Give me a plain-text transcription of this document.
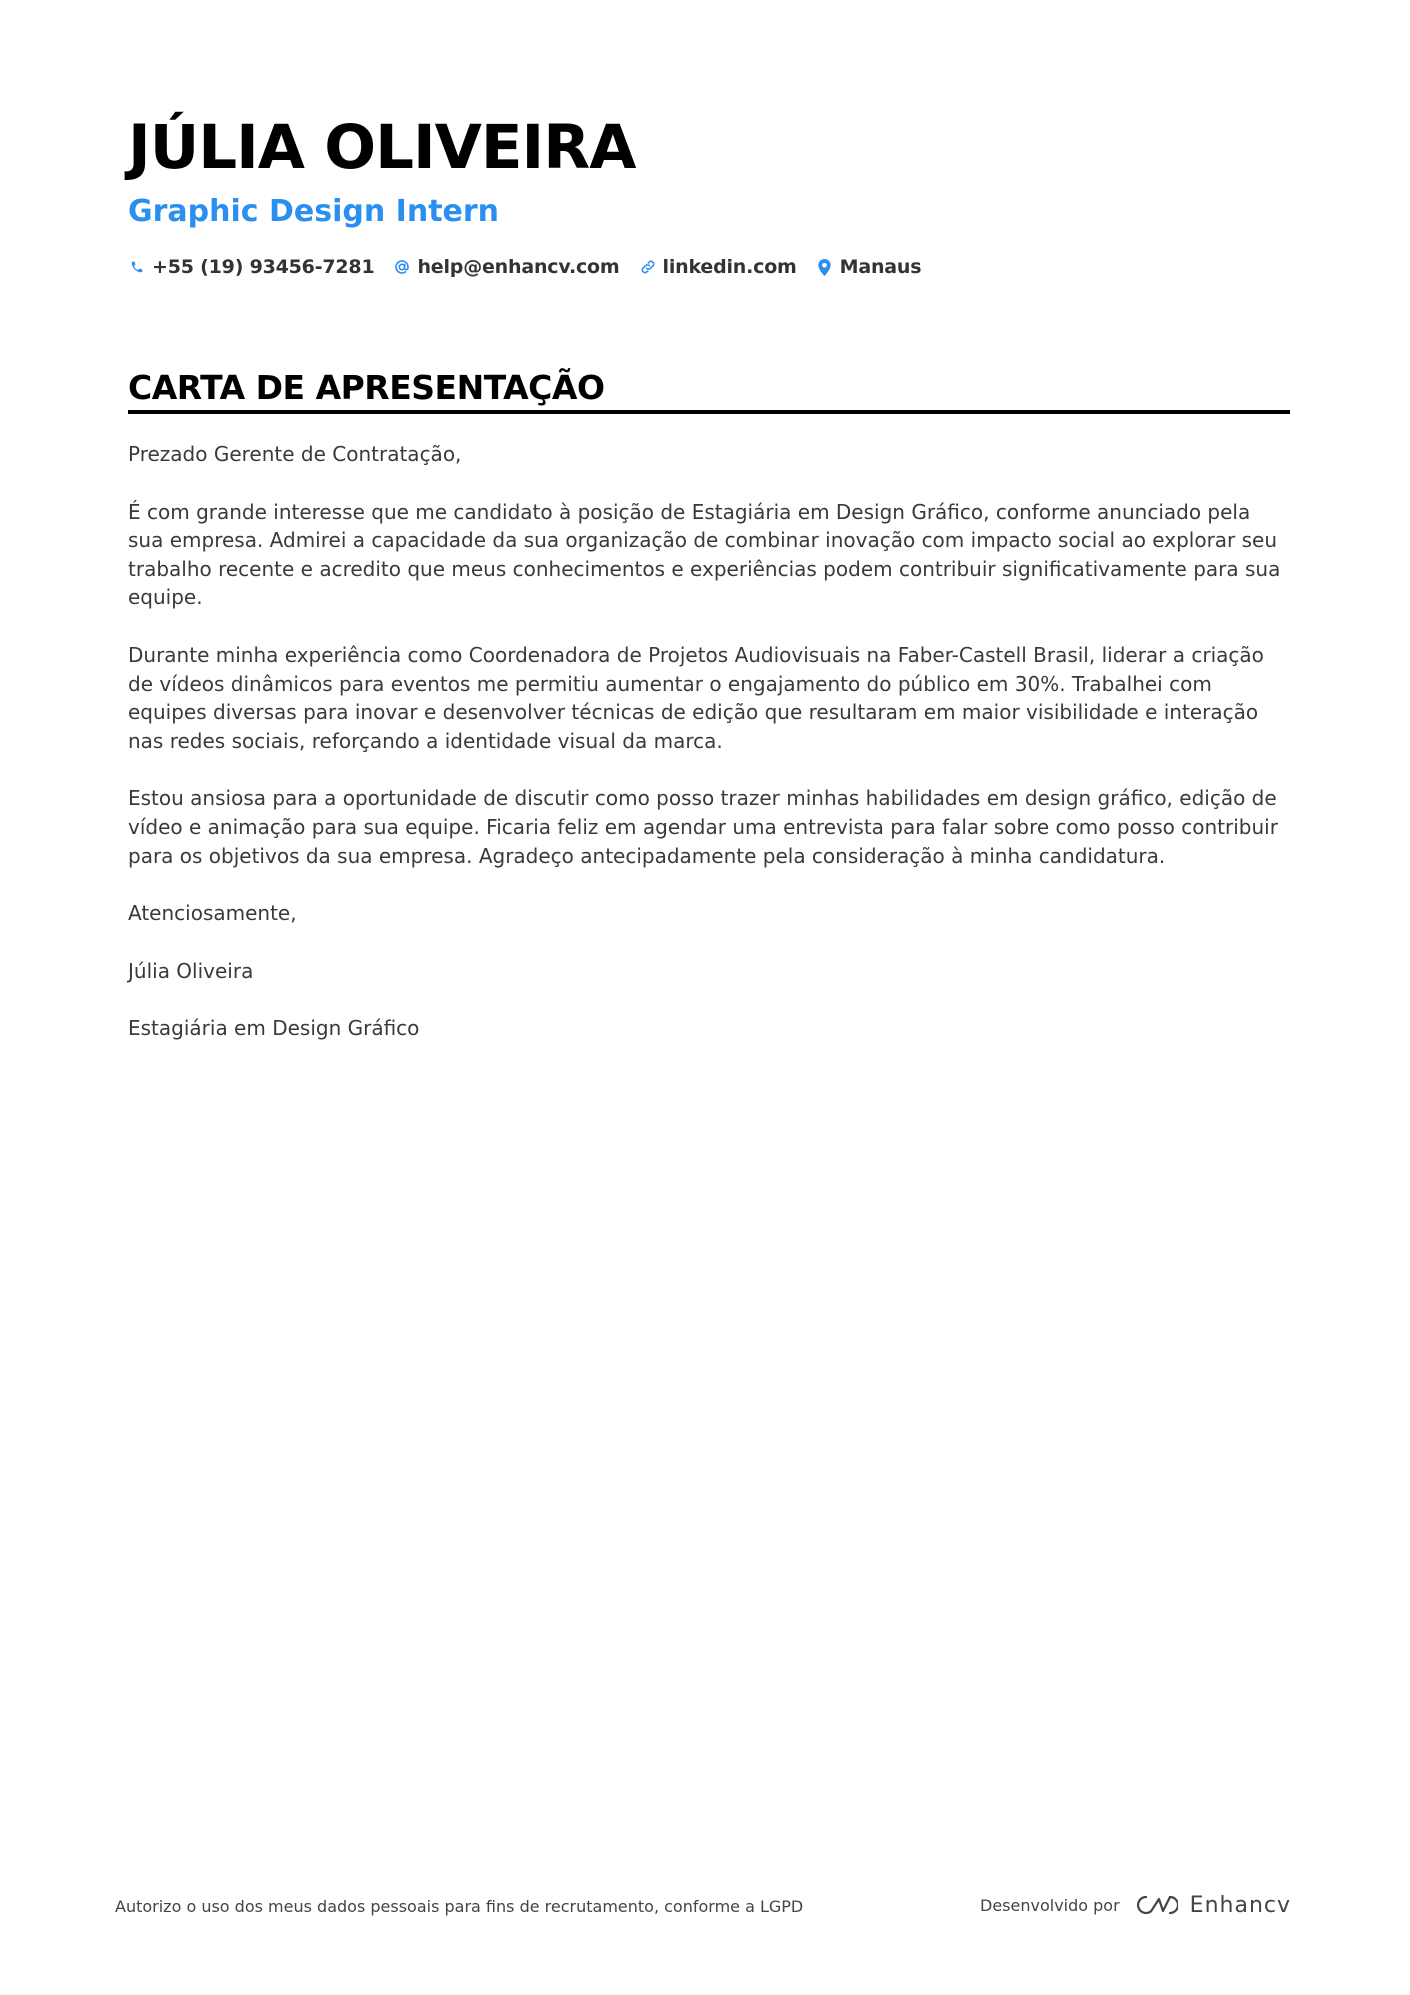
JÚLIA OLIVEIRA
Graphic Design Intern
+55 (19) 93456-7281 help@enhancv.com linkedin.com Manaus
CARTA DE APRESENTAÇÃO

Prezado Gerente de Contratação,

É com grande interesse que me candidato à posição de Estagiária em Design Gráfico, conforme anunciado pela sua empresa. Admirei a capacidade da sua organização de combinar inovação com impacto social ao explorar seu trabalho recente e acredito que meus conhecimentos e experiências podem contribuir significativamente para sua equipe.

Durante minha experiência como Coordenadora de Projetos Audiovisuais na Faber-Castell Brasil, liderar a criação de vídeos dinâmicos para eventos me permitiu aumentar o engajamento do público em 30%. Trabalhei com equipes diversas para inovar e desenvolver técnicas de edição que resultaram em maior visibilidade e interação nas redes sociais, reforçando a identidade visual da marca.

Estou ansiosa para a oportunidade de discutir como posso trazer minhas habilidades em design gráfico, edição de vídeo e animação para sua equipe. Ficaria feliz em agendar uma entrevista para falar sobre como posso contribuir para os objetivos da sua empresa. Agradeço antecipadamente pela consideração à minha candidatura.

Atenciosamente,

Júlia Oliveira

Estagiária em Design Gráfico

Autorizo o uso dos meus dados pessoais para fins de recrutamento, conforme a LGPD	Desenvolvido por	Enhancv
